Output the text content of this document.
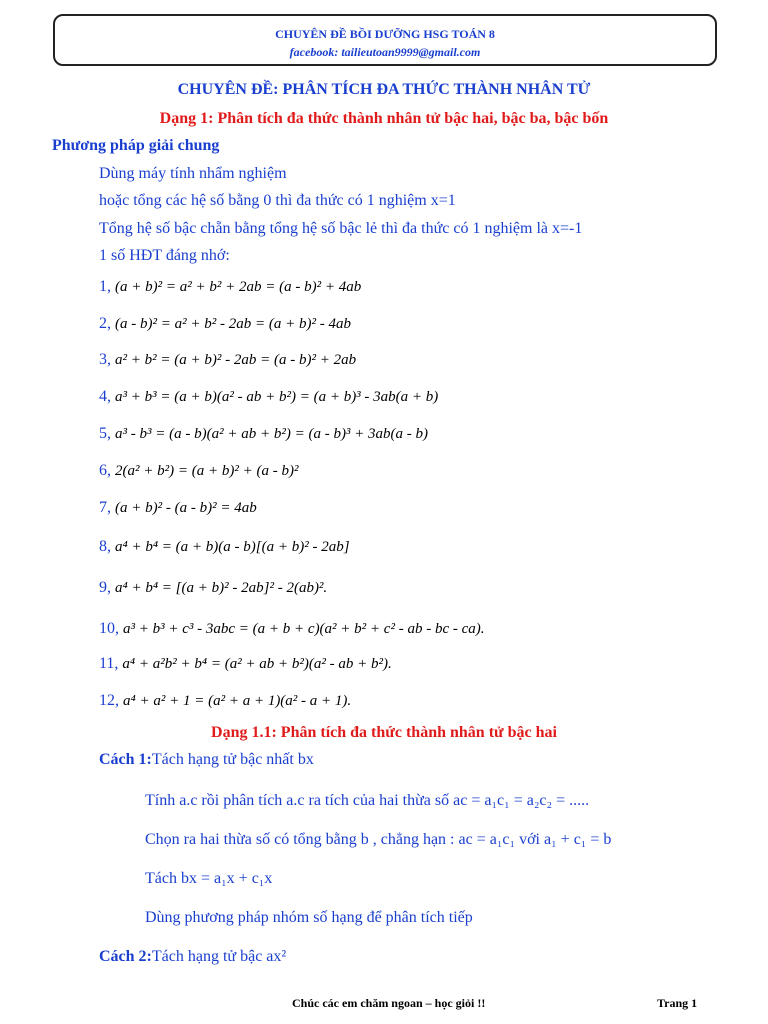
CHUYÊN ĐỀ BỒI DƯỠNG HSG TOÁN 8
facebook: tailieutoan9999@gmail.com
CHUYÊN ĐỀ: PHÂN TÍCH ĐA THỨC THÀNH NHÂN TỬ
Dạng 1: Phân tích đa thức thành nhân tử bậc hai, bậc ba, bậc bốn
Phương pháp giải chung
Dùng máy tính nhẩm nghiệm
hoặc tổng các hệ số bằng 0 thì đa thức có 1 nghiệm x=1
Tổng hệ số bậc chẵn bằng tổng hệ số bậc lẻ thì đa thức có 1 nghiệm là x=-1
1 số HĐT đáng nhớ:
1, (a + b)² = a² + b² + 2ab = (a - b)² + 4ab
2, (a - b)² = a² + b² - 2ab = (a + b)² - 4ab
3, a² + b² = (a + b)² - 2ab = (a - b)² + 2ab
4, a³ + b³ = (a + b)(a² - ab + b²) = (a + b)³ - 3ab(a + b)
5, a³ - b³ = (a - b)(a² + ab + b²) = (a - b)³ + 3ab(a - b)
6, 2(a² + b²) = (a + b)² + (a - b)²
7, (a + b)² - (a - b)² = 4ab
8, a⁴ + b⁴ = (a + b)(a - b)[(a + b)² - 2ab]
9, a⁴ + b⁴ = [(a + b)² - 2ab]² - 2(ab)².
10, a³ + b³ + c³ - 3abc = (a + b + c)(a² + b² + c² - ab - bc - ca).
11, a⁴ + a²b² + b⁴ = (a² + ab + b²)(a² - ab + b²).
12, a⁴ + a² + 1 = (a² + a + 1)(a² - a + 1).
Dạng 1.1: Phân tích đa thức thành nhân tử bậc hai
Cách 1:Tách hạng tử bậc nhất bx
Tính a.c rồi phân tích a.c ra tích của hai thừa số ac = a₁c₁ = a₂c₂ = .....
Chọn ra hai thừa số có tổng bằng b , chẳng hạn : ac = a₁c₁ với a₁ + c₁ = b
Tách bx = a₁x + c₁x
Dùng phương pháp nhóm số hạng để phân tích tiếp
Cách 2:Tách hạng tử bậc ax²
Chúc các em chăm ngoan – học giỏi !!	Trang 1
